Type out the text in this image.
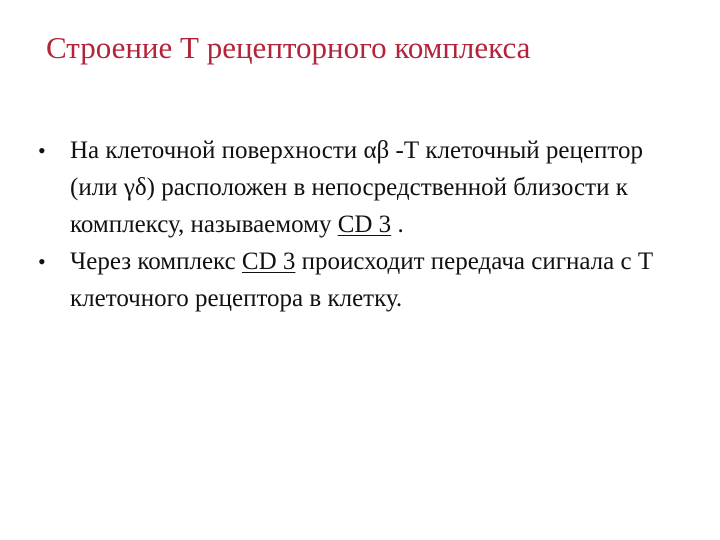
Строение Т рецепторного комплекса
• На клеточной поверхности αβ -Т клеточный рецептор (или γδ) расположен в непосредственной близости к комплексу, называемому CD 3 .
• Через комплекс CD 3 происходит передача сигнала с Т клеточного рецептора в клетку.
